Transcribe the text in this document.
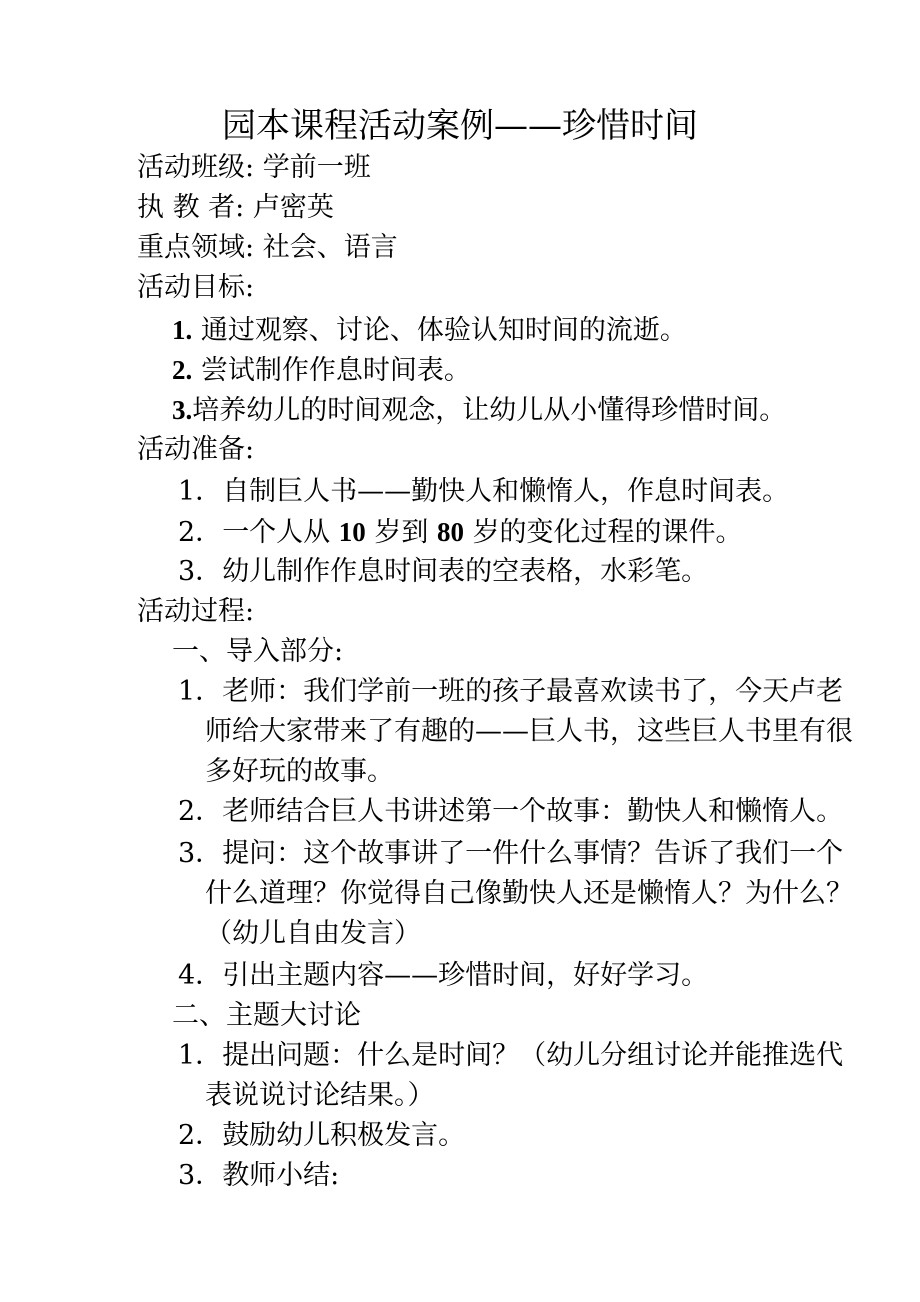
园本课程活动案例——珍惜时间
活动班级: 学前一班
执 教 者: 卢密英
重点领域: 社会、语言
活动目标:
1. 通过观察、讨论、体验认知时间的流逝。
2. 尝试制作作息时间表。
3.培养幼儿的时间观念，让幼儿从小懂得珍惜时间。
活动准备:
1．自制巨人书——勤快人和懒惰人，作息时间表。
2．一个人从 10 岁到 80 岁的变化过程的课件。
3．幼儿制作作息时间表的空表格，水彩笔。
活动过程:
一、导入部分:
1．老师：我们学前一班的孩子最喜欢读书了，今天卢老
师给大家带来了有趣的——巨人书，这些巨人书里有很
多好玩的故事。
2．老师结合巨人书讲述第一个故事：勤快人和懒惰人。
3．提问：这个故事讲了一件什么事情？告诉了我们一个
什么道理？你觉得自己像勤快人还是懒惰人？为什么？
（幼儿自由发言）
4．引出主题内容——珍惜时间，好好学习。
二、主题大讨论
1．提出问题：什么是时间？（幼儿分组讨论并能推选代
表说说讨论结果。）
2．鼓励幼儿积极发言。
3．教师小结:
